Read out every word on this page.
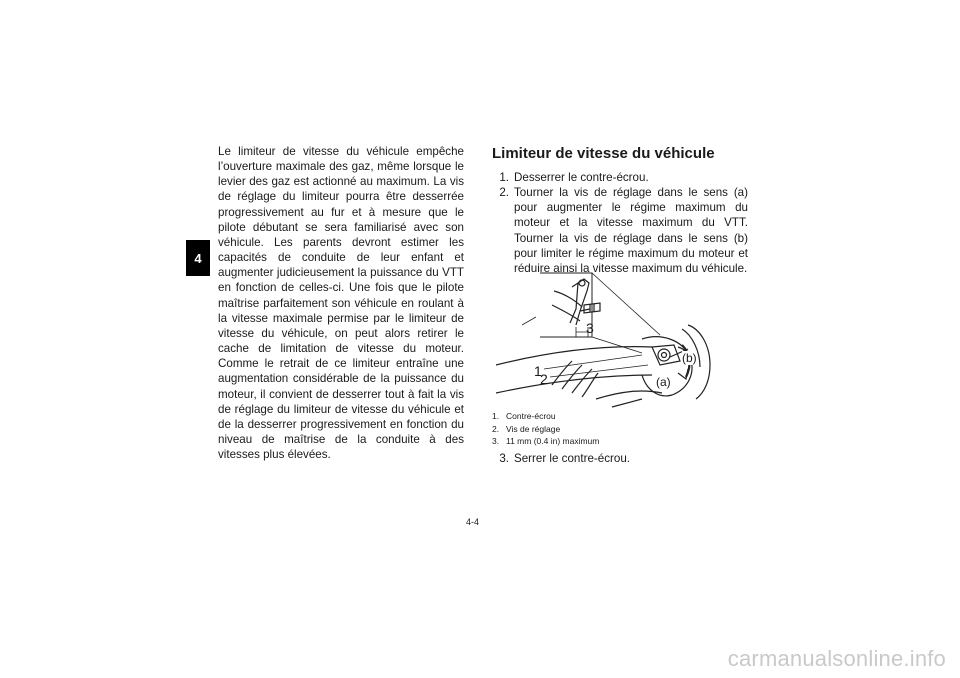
4
Le limiteur de vitesse du véhicule empêche l’ouverture maximale des gaz, même lorsque le levier des gaz est actionné au maximum. La vis de réglage du limiteur pourra être desserrée progressivement au fur et à mesure que le pilote débutant se sera familiarisé avec son véhicule. Les parents devront estimer les capacités de conduite de leur enfant et augmenter judicieusement la puissance du VTT en fonction de celles-ci. Une fois que le pilote maîtrise parfaitement son véhicule en roulant à la vitesse maximale permise par le limiteur de vitesse du véhicule, on peut alors retirer le cache de limitation de vitesse du moteur. Comme le retrait de ce limiteur entraîne une augmentation considérable de la puissance du moteur, il convient de desserrer tout à fait la vis de réglage du limiteur de vitesse du véhicule et de la desserrer progressivement en fonction du niveau de maîtrise de la conduite à des vitesses plus élevées.
Limiteur de vitesse du véhicule
1. Desserrer le contre-écrou.
2. Tourner la vis de réglage dans le sens (a) pour augmenter le régime maximum du moteur et la vitesse maximum du VTT. Tourner la vis de réglage dans le sens (b) pour limiter le régime maximum du moteur et réduire ainsi la vitesse maximum du véhicule.
1
2
3
(b)
(a)
1. Contre-écrou
2. Vis de réglage
3. 11 mm (0.4 in) maximum
3. Serrer le contre-écrou.
4-4
carmanualsonline.info
